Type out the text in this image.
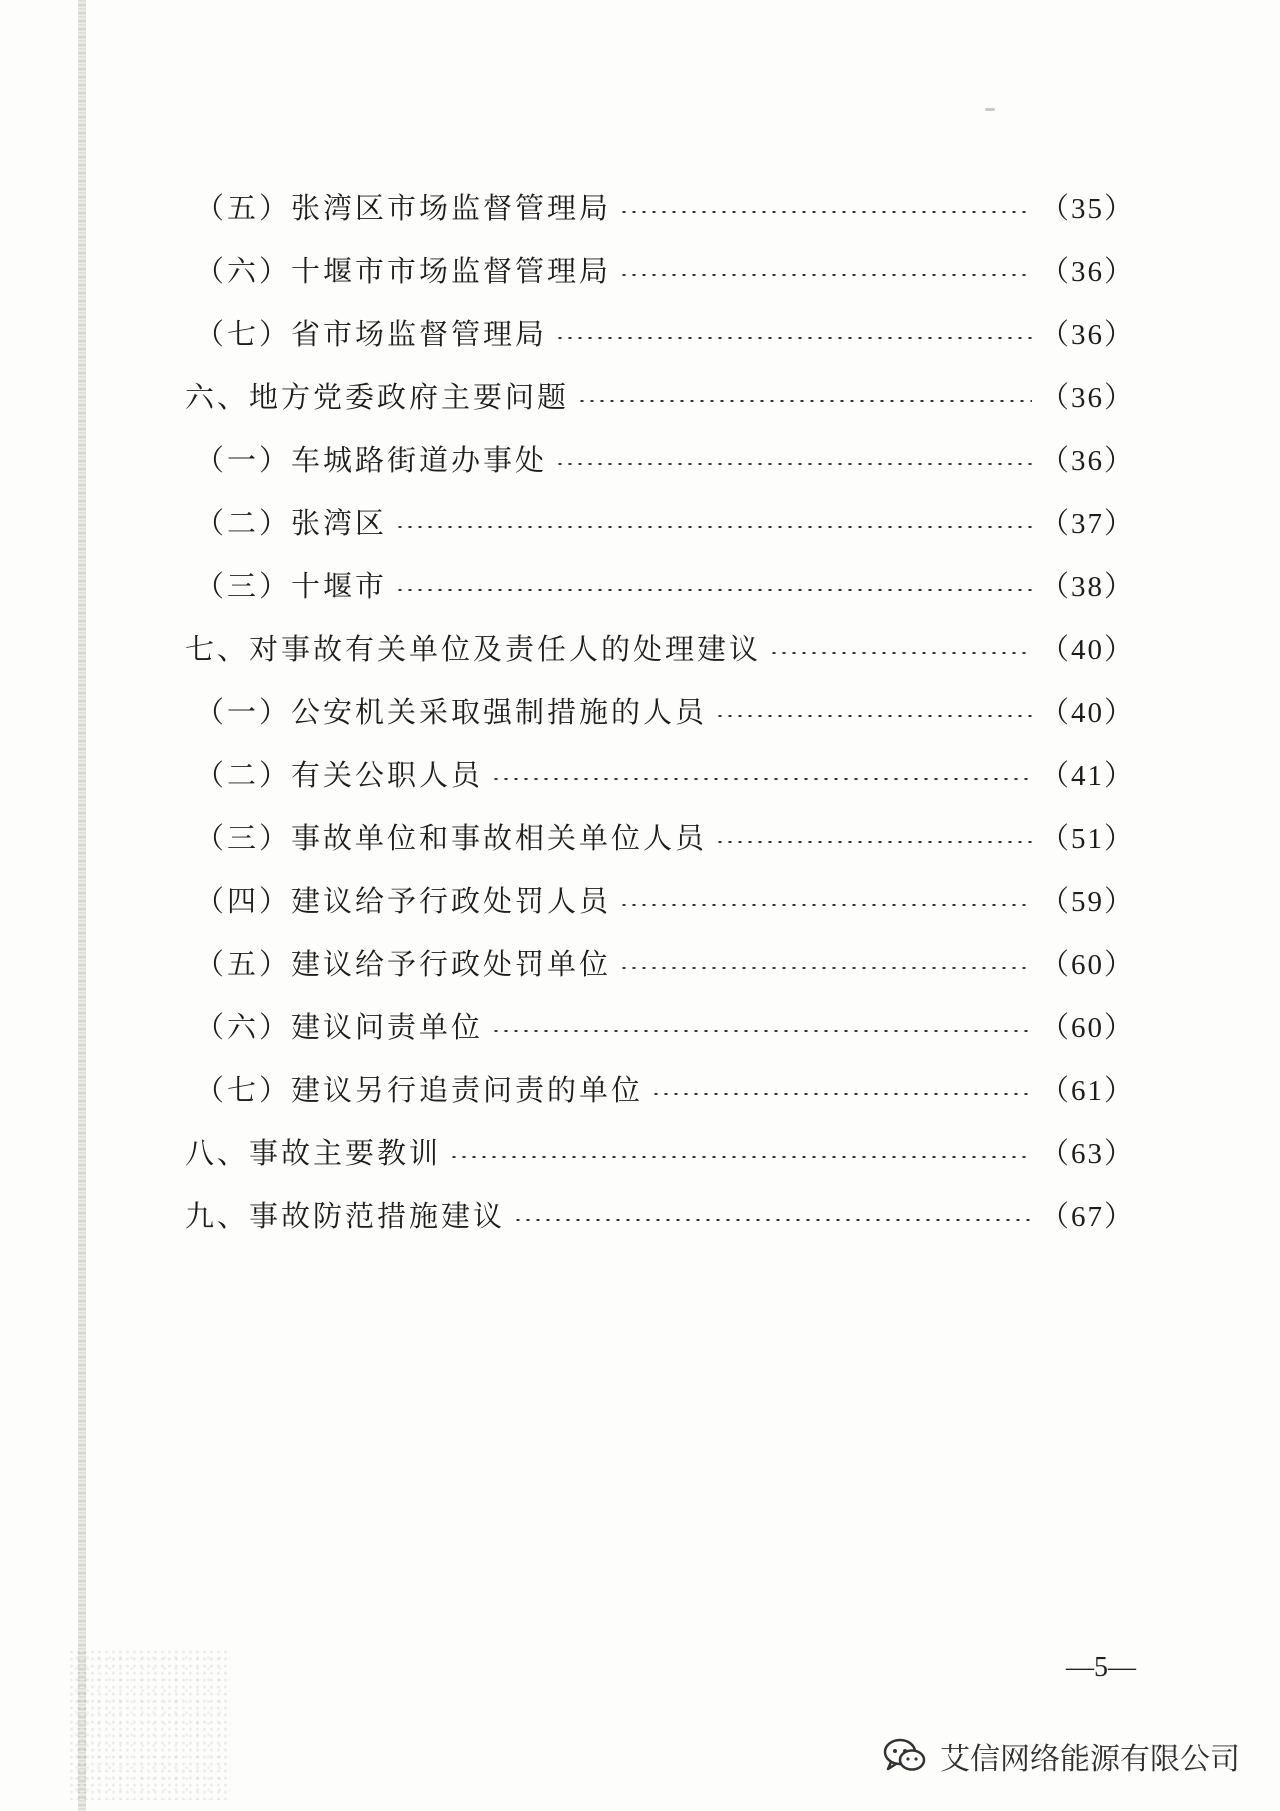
（五）张湾区市场监督管理局	（35）
（六）十堰市市场监督管理局	（36）
（七）省市场监督管理局	（36）
六、地方党委政府主要问题	（36）
（一）车城路街道办事处	（36）
（二）张湾区	（37）
（三）十堰市	（38）
七、对事故有关单位及责任人的处理建议	（40）
（一）公安机关采取强制措施的人员	（40）
（二）有关公职人员	（41）
（三）事故单位和事故相关单位人员	（51）
（四）建议给予行政处罚人员	（59）
（五）建议给予行政处罚单位	（60）
（六）建议问责单位	（60）
（七）建议另行追责问责的单位	（61）
八、事故主要教训	（63）
九、事故防范措施建议	（67）
—5—
艾信网络能源有限公司
